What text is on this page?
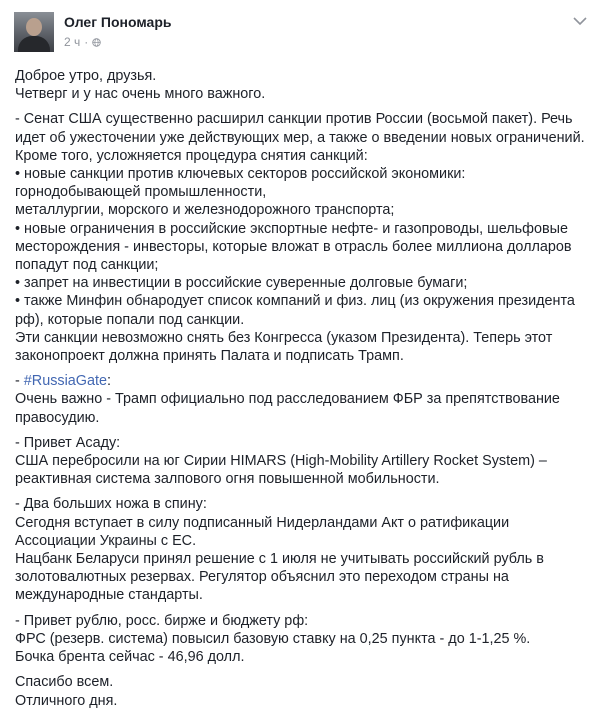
Олег Пономарь
2 ч ·

Доброе утро, друзья.
Четверг и у нас очень много важного.

- Сенат США существенно расширил санкции против России (восьмой пакет). Речь идет об ужесточении уже действующих мер, а также о введении новых ограничений. Кроме того, усложняется процедура снятия санкций:
• новые санкции против ключевых секторов российской экономики: горнодобывающей промышленности,
металлургии, морского и железнодорожного транспорта;
• новые ограничения в российские экспортные нефте- и газопроводы, шельфовые месторождения - инвесторы, которые вложат в отрасль более миллиона долларов попадут под санкции;
• запрет на инвестиции в российские суверенные долговые бумаги;
• также Минфин обнародует список компаний и физ. лиц (из окружения президента рф), которые попали под санкции.
Эти санкции невозможно снять без Конгресса (указом Президента). Теперь этот законопроект должна принять Палата и подписать Трамп.

- #RussiaGate:
Очень важно - Трамп официально под расследованием ФБР за препятствование правосудию.

- Привет Асаду:
США перебросили на юг Сирии HIMARS (High-Mobility Artillery Rocket System) – реактивная система залпового огня повышенной мобильности.

- Два больших ножа в спину:
Сегодня вступает в силу подписанный Нидерландами Акт о ратификации Ассоциации Украины с ЕС.
Нацбанк Беларуси принял решение с 1 июля не учитывать российский рубль в золотовалютных резервах. Регулятор объяснил это переходом страны на международные стандарты.

- Привет рублю, росс. бирже и бюджету рф:
ФРС (резерв. система) повысил базовую ставку на 0,25 пункта - до 1-1,25 %.
Бочка брента сейчас - 46,96 долл.

Спасибо всем.
Отличного дня.
